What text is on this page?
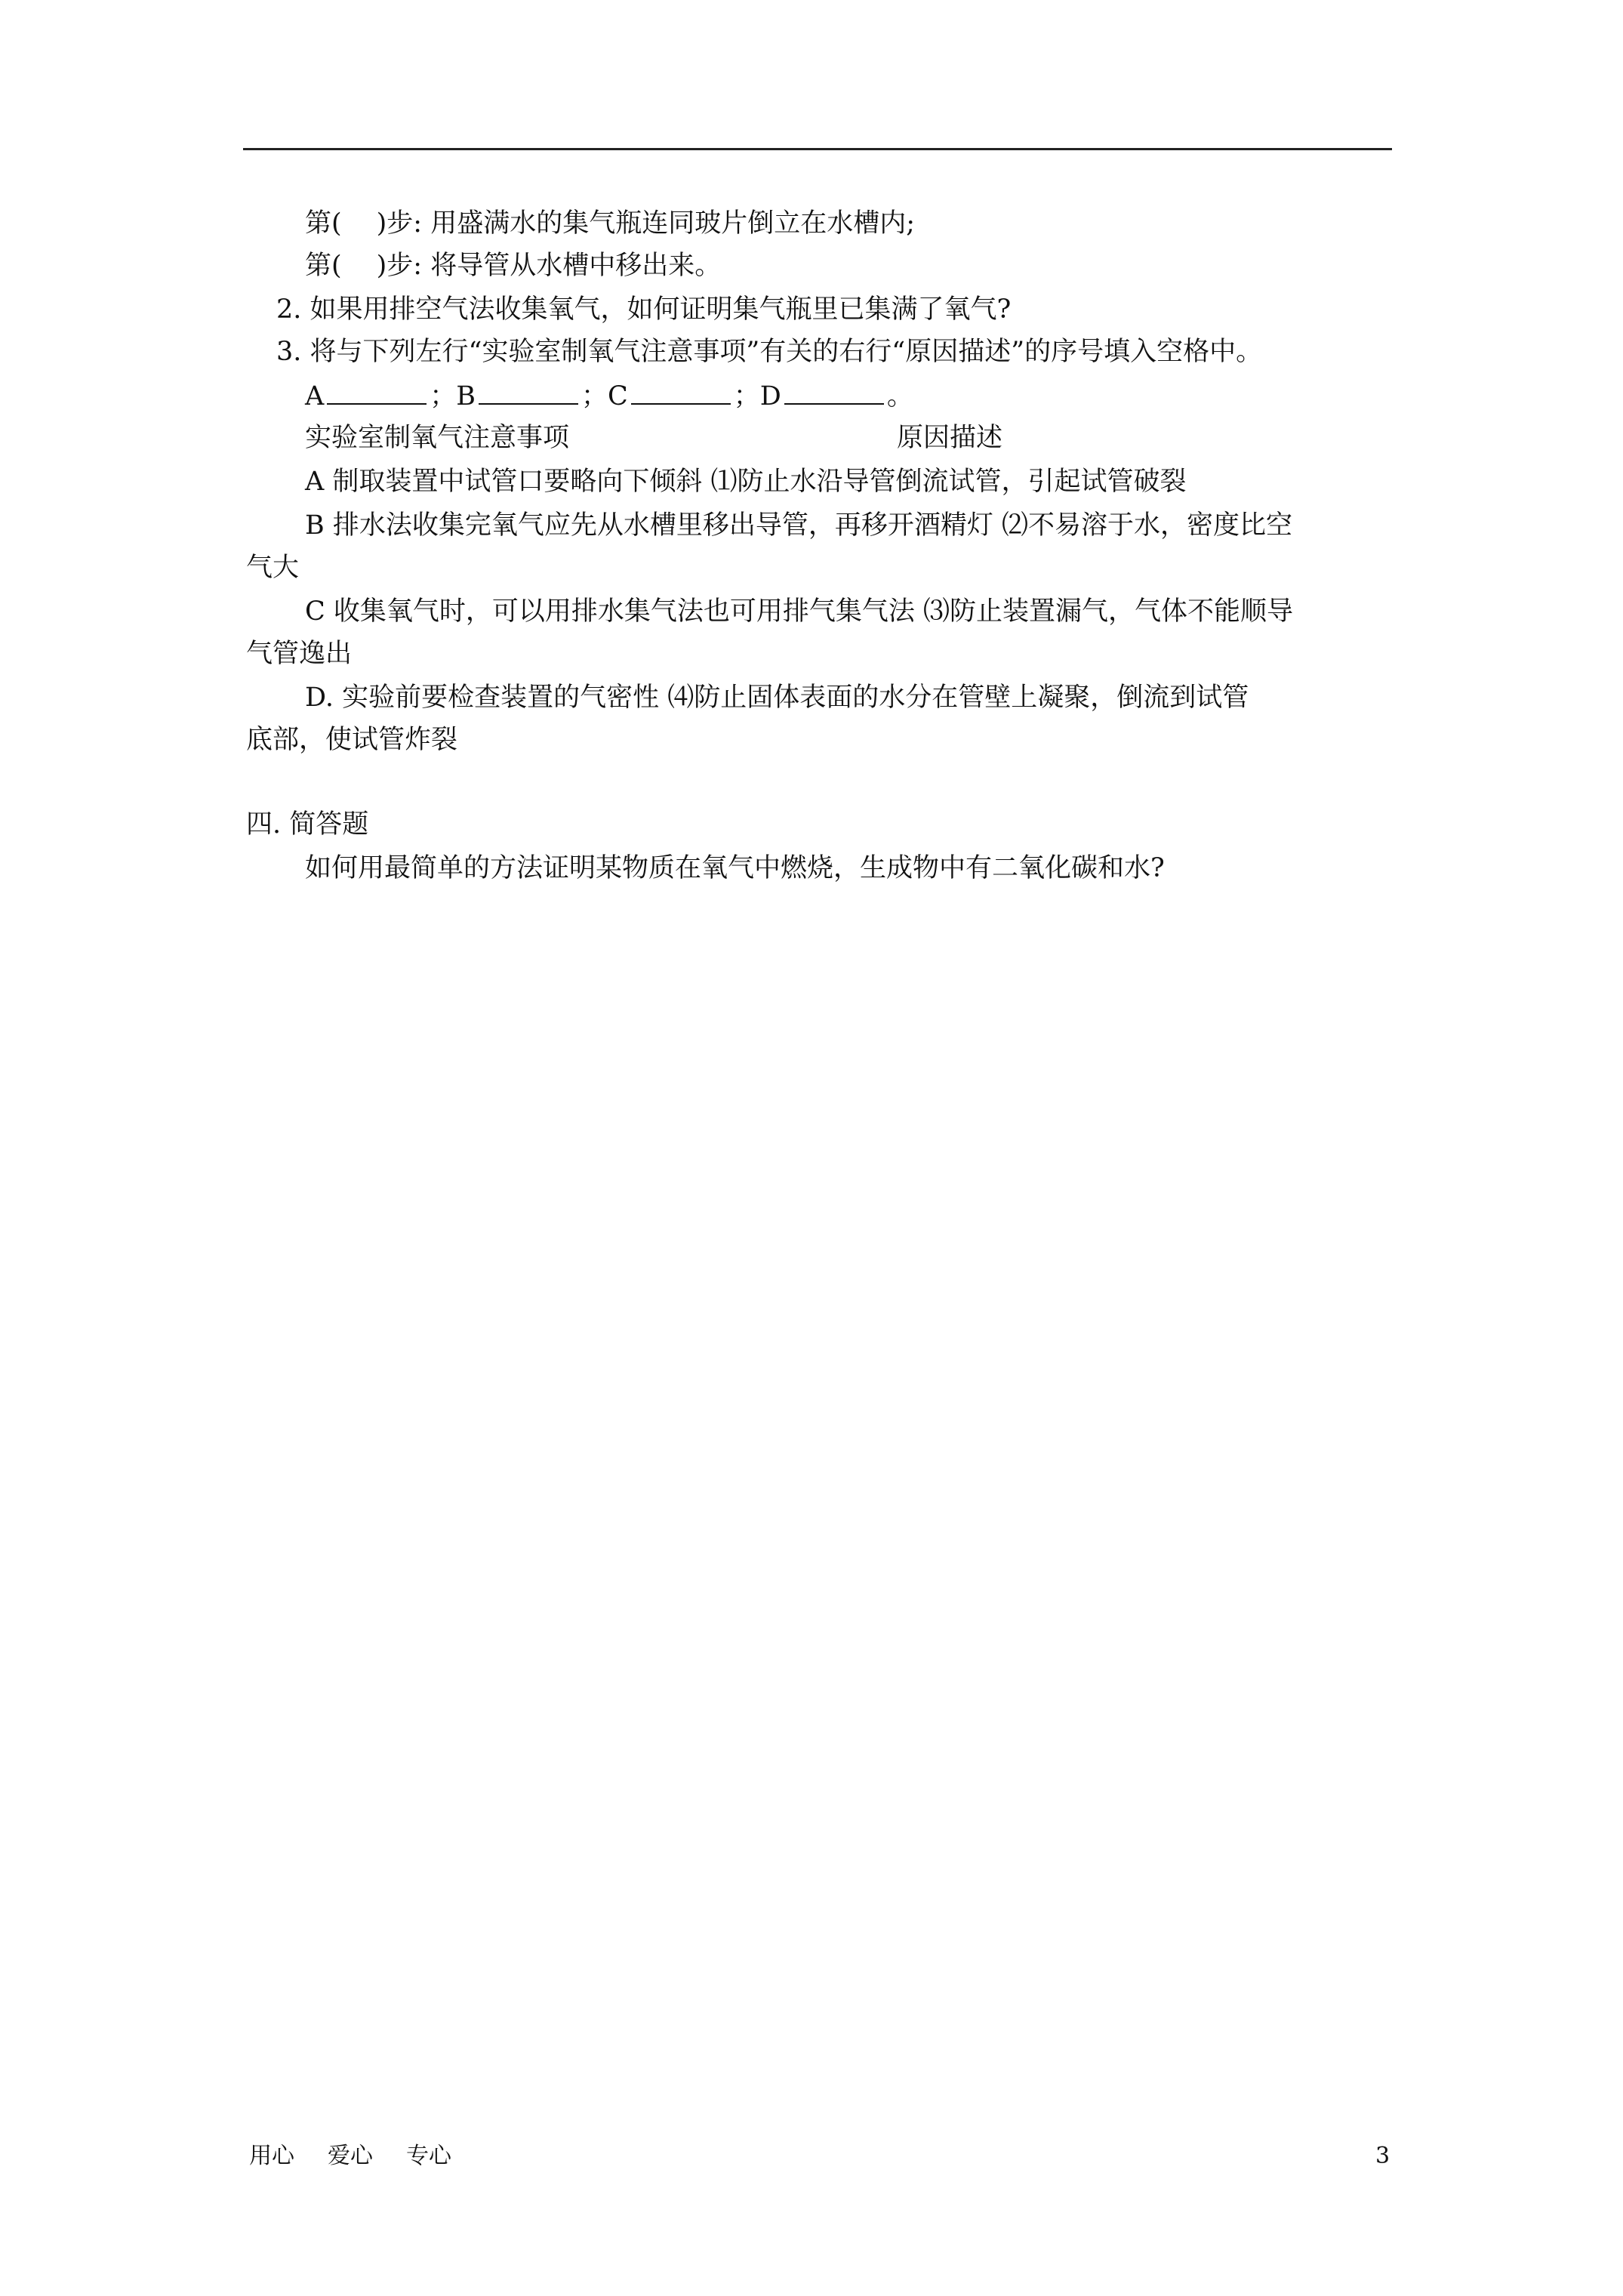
第( )步: 用盛满水的集气瓶连同玻片倒立在水槽内;
第( )步: 将导管从水槽中移出来。
2. 如果用排空气法收集氧气，如何证明集气瓶里已集满了氧气?
3. 将与下列左行“实验室制氧气注意事项”有关的右行“原因描述”的序号填入空格中。
A	；B	；C	；D	。
实验室制氧气注意事项	原因描述
A 制取装置中试管口要略向下倾斜 ⑴防止水沿导管倒流试管，引起试管破裂
B 排水法收集完氧气应先从水槽里移出导管，再移开酒精灯 ⑵不易溶于水，密度比空
气大
C 收集氧气时，可以用排水集气法也可用排气集气法 ⑶防止装置漏气，气体不能顺导
气管逸出
D. 实验前要检查装置的气密性 ⑷防止固体表面的水分在管壁上凝聚，倒流到试管
底部，使试管炸裂
四. 简答题
如何用最简单的方法证明某物质在氧气中燃烧，生成物中有二氧化碳和水?
用心 爱心 专心	3
